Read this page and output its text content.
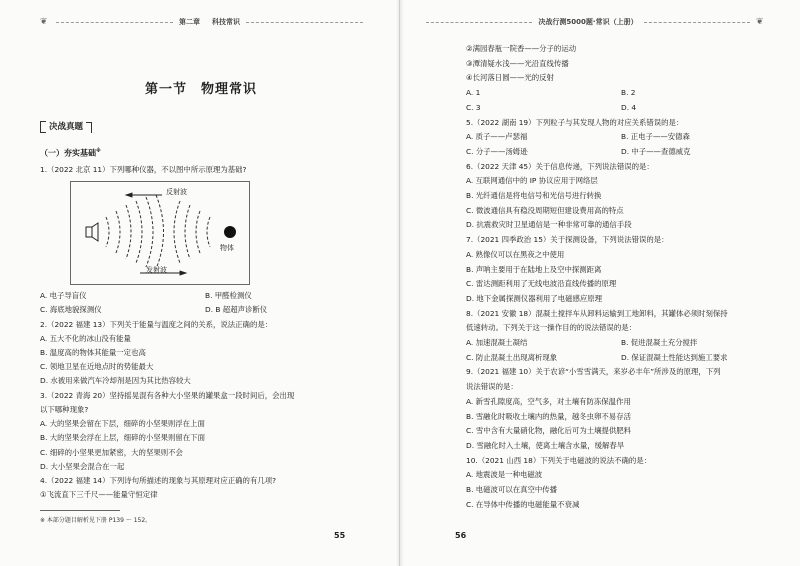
❦	第二章 科技常识
第一节 物理常识
决战真题
（一）夯实基础※
1.（2022 北京 11）下列哪种仪器，不以图中所示原理为基础?
反射波
物体
发射波
A. 电子导盲仪	B. 甲醛检测仪
C. 海底地貌探测仪	D. B 超超声诊断仪
2.（2022 福建 13）下列关于能量与温度之间的关系，说法正确的是：
A. 五大不化的冰山没有能量
B. 温度高的物体其能量一定也高
C. 领地卫星在近地点时的势能最大
D. 水被用来做汽车冷却剂是因为其比热容较大
3.（2022 青海 20）坚持摇晃混有各种大小坚果的罐果盒一段时间后，会出现
以下哪种现象?
A. 大的坚果会留在下层，细碎的小坚果则浮在上面
B. 大的坚果会浮在上层，细碎的小坚果则留在下面
C. 细碎的小坚果更加紧密，大的坚果则不会
D. 大小坚果会混合在一起
4.（2022 福建 14）下列诗句所描述的现象与其原理对应正确的有几项?
①飞流直下三千尺——能量守恒定律
※ 本部分题目解析见下册 P139 ～ 152。
55
决战行测5000题·常识（上册）	❦
②满园春瓶一院香——分子的运动
③潭清疑水浅——光沿直线传播
④长河落日圆——光的反射
A. 1	B. 2
C. 3	D. 4
5.（2022 湖南 19）下列粒子与其发现人物的对应关系错误的是：
A. 质子——卢瑟福	B. 正电子——安德森
C. 分子——汤姆逊	D. 中子——查德威克
6.（2022 天津 45）关于信息传递，下列说法错误的是：
A. 互联网通信中的 IP 协议应用于网络层
B. 光纤通信是将电信号和光信号进行转换
C. 微波通信具有稳没周期短但建设费用高的特点
D. 抗震救灾时卫星通信是一种非常可靠的通信手段
7.（2021 四季政治 15）关于探测设备，下列说法错误的是：
A. 熟像仪可以在黑夜之中使用
B. 声呐主要用于在陆地上及空中探测距离
C. 雷达测距利用了无线电波沿直线传播的原理
D. 地下金属探测仪器利用了电磁感应原理
8.（2021 安徽 18）混凝土搅拌车从卸料运输到工地卸料，其罐体必须时刻保持
低速转动。下列关于这一操作目的的说法错误的是：
A. 加速混凝土凝结	B. 促进混凝土充分搅拌
C. 防止混凝土出现离析现象	D. 保证混凝土性能达到施工要求
9.（2021 福建 10）关于农谚“小雪雪满天，来岁必丰年”所涉及的原理，下列
说法错误的是：
A. 新雪孔隙度高，空气多，对土壤有防冻保温作用
B. 雪融化时吸收土壤内的热量，越冬虫卵不易存活
C. 雪中含有大量硝化物，融化后可为土壤提供肥料
D. 雪融化时入土壤，使离土壤含水量，缓解春旱
10.（2021 山西 18）下列关于电磁波的说法不确的是：
A. 地震波是一种电磁波
B. 电磁波可以在真空中传播
C. 在导体中传播的电磁能量不衰减
56
